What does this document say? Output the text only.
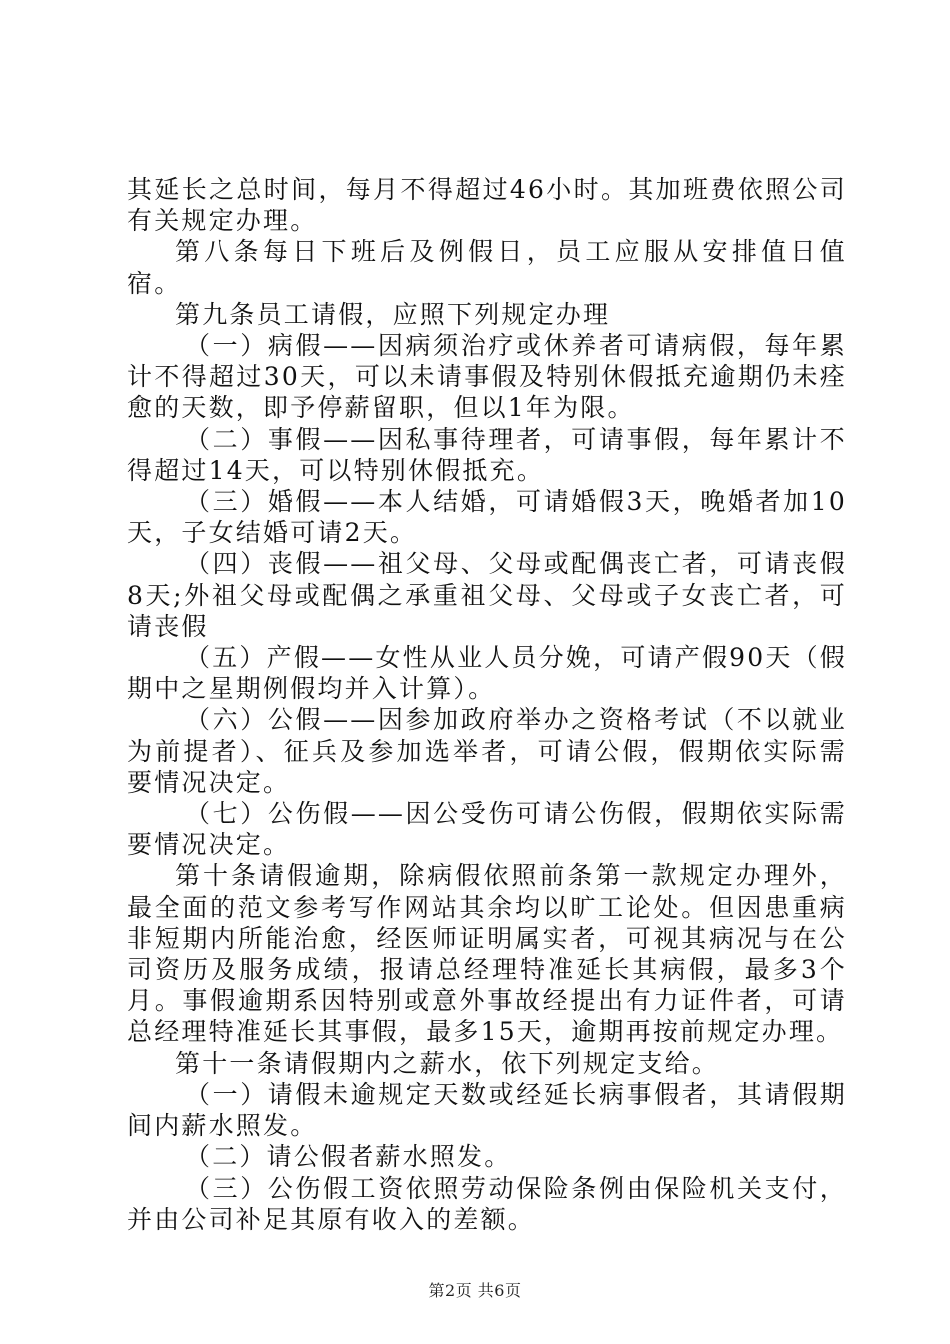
其延长之总时间，每月不得超过46小时。其加班费依照公司有关规定办理。

第八条每日下班后及例假日，员工应服从安排值日值宿。

第九条员工请假，应照下列规定办理

（一）病假——因病须治疗或休养者可请病假，每年累计不得超过30天，可以未请事假及特别休假抵充逾期仍未痊愈的天数，即予停薪留职，但以1年为限。

（二）事假——因私事待理者，可请事假，每年累计不得超过14天，可以特别休假抵充。

（三）婚假——本人结婚，可请婚假3天，晚婚者加10天，子女结婚可请2天。

（四）丧假——祖父母、父母或配偶丧亡者，可请丧假8天;外祖父母或配偶之承重祖父母、父母或子女丧亡者，可请丧假

（五）产假——女性从业人员分娩，可请产假90天（假期中之星期例假均并入计算）。

（六）公假——因参加政府举办之资格考试（不以就业为前提者）、征兵及参加选举者，可请公假，假期依实际需要情况决定。

（七）公伤假——因公受伤可请公伤假，假期依实际需要情况决定。

第十条请假逾期，除病假依照前条第一款规定办理外，最全面的范文参考写作网站其余均以旷工论处。但因患重病非短期内所能治愈，经医师证明属实者，可视其病况与在公司资历及服务成绩，报请总经理特准延长其病假，最多3个月。事假逾期系因特别或意外事故经提出有力证件者，可请总经理特准延长其事假，最多15天，逾期再按前规定办理。

第十一条请假期内之薪水，依下列规定支给。

（一）请假未逾规定天数或经延长病事假者，其请假期间内薪水照发。

（二）请公假者薪水照发。

（三）公伤假工资依照劳动保险条例由保险机关支付，并由公司补足其原有收入的差额。

第2页 共6页
